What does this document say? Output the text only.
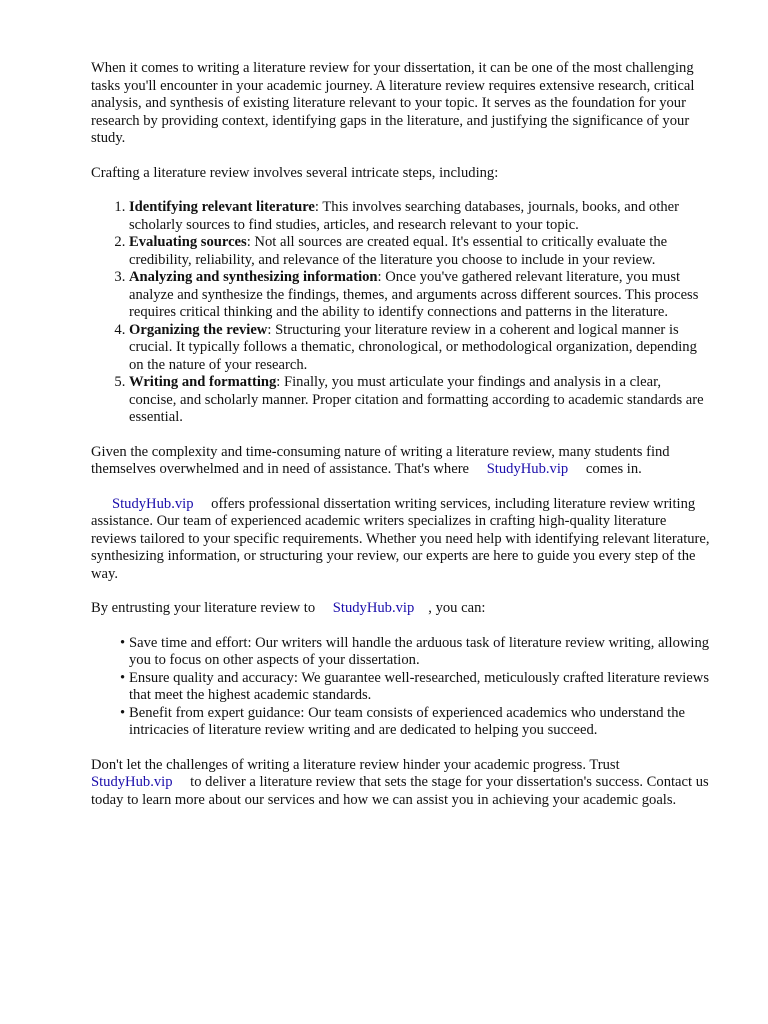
When it comes to writing a literature review for your dissertation, it can be one of the most challenging tasks you'll encounter in your academic journey. A literature review requires extensive research, critical analysis, and synthesis of existing literature relevant to your topic. It serves as the foundation for your research by providing context, identifying gaps in the literature, and justifying the significance of your study.

Crafting a literature review involves several intricate steps, including:

1. Identifying relevant literature: This involves searching databases, journals, books, and other scholarly sources to find studies, articles, and research relevant to your topic.
2. Evaluating sources: Not all sources are created equal. It's essential to critically evaluate the credibility, reliability, and relevance of the literature you choose to include in your review.
3. Analyzing and synthesizing information: Once you've gathered relevant literature, you must analyze and synthesize the findings, themes, and arguments across different sources. This process requires critical thinking and the ability to identify connections and patterns in the literature.
4. Organizing the review: Structuring your literature review in a coherent and logical manner is crucial. It typically follows a thematic, chronological, or methodological organization, depending on the nature of your research.
5. Writing and formatting: Finally, you must articulate your findings and analysis in a clear, concise, and scholarly manner. Proper citation and formatting according to academic standards are essential.

Given the complexity and time-consuming nature of writing a literature review, many students find themselves overwhelmed and in need of assistance. That's where StudyHub.vip comes in.

StudyHub.vip offers professional dissertation writing services, including literature review writing assistance. Our team of experienced academic writers specializes in crafting high-quality literature reviews tailored to your specific requirements. Whether you need help with identifying relevant literature, synthesizing information, or structuring your review, our experts are here to guide you every step of the way.

By entrusting your literature review to StudyHub.vip , you can:

• Save time and effort: Our writers will handle the arduous task of literature review writing, allowing you to focus on other aspects of your dissertation.
• Ensure quality and accuracy: We guarantee well-researched, meticulously crafted literature reviews that meet the highest academic standards.
• Benefit from expert guidance: Our team consists of experienced academics who understand the intricacies of literature review writing and are dedicated to helping you succeed.

Don't let the challenges of writing a literature review hinder your academic progress. Trust
StudyHub.vip to deliver a literature review that sets the stage for your dissertation's success. Contact us today to learn more about our services and how we can assist you in achieving your academic goals.
